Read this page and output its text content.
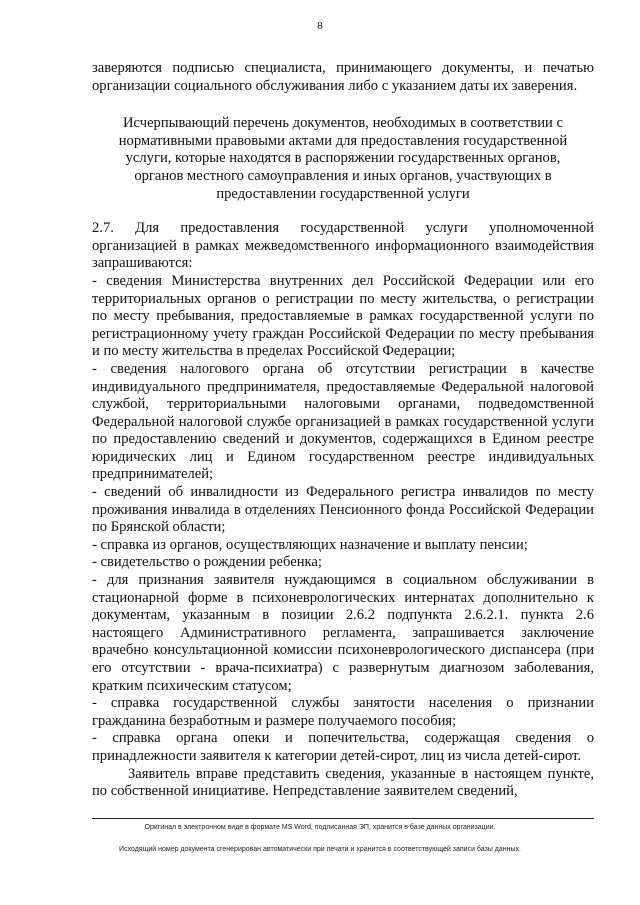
8

заверяются подписью специалиста, принимающего документы, и печатью организации социального обслуживания либо с указанием даты их заверения.

Исчерпывающий перечень документов, необходимых в соответствии с нормативными правовыми актами для предоставления государственной услуги, которые находятся в распоряжении государственных органов, органов местного самоуправления и иных органов, участвующих в предоставлении государственной услуги

2.7. Для предоставления государственной услуги уполномоченной организацией в рамках межведомственного информационного взаимодействия запрашиваются:

- сведения Министерства внутренних дел Российской Федерации или его территориальных органов о регистрации по месту жительства, о регистрации по месту пребывания, предоставляемые в рамках государственной услуги по регистрационному учету граждан Российской Федерации по месту пребывания и по месту жительства в пределах Российской Федерации;

- сведения налогового органа об отсутствии регистрации в качестве индивидуального предпринимателя, предоставляемые Федеральной налоговой службой, территориальными налоговыми органами, подведомственной Федеральной налоговой службе организацией в рамках государственной услуги по предоставлению сведений и документов, содержащихся в Едином реестре юридических лиц и Едином государственном реестре индивидуальных предпринимателей;

- сведений об инвалидности из Федерального регистра инвалидов по месту проживания инвалида в отделениях Пенсионного фонда Российской Федерации по Брянской области;

- справка из органов, осуществляющих назначение и выплату пенсии;

- свидетельство о рождении ребенка;

- для признания заявителя нуждающимся в социальном обслуживании в стационарной форме в психоневрологических интернатах дополнительно к документам, указанным в позиции 2.6.2 подпункта 2.6.2.1. пункта 2.6 настоящего Административного регламента, запрашивается заключение врачебно консультационной комиссии психоневрологического диспансера (при его отсутствии - врача-психиатра) с развернутым диагнозом заболевания, кратким психическим статусом;

- справка государственной службы занятости населения о признании гражданина безработным и размере получаемого пособия;

- справка органа опеки и попечительства, содержащая сведения о принадлежности заявителя к категории детей-сирот, лиц из числа детей-сирот.

Заявитель вправе представить сведения, указанные в настоящем пункте, по собственной инициативе. Непредставление заявителем сведений,

Оригинал в электронном виде в формате MS Word, подписанная ЭП, хранится в базе данных организации.
Исходящий номер документа сгенерирован автоматически при печати и хранится в соответствующей записи базы данных.
